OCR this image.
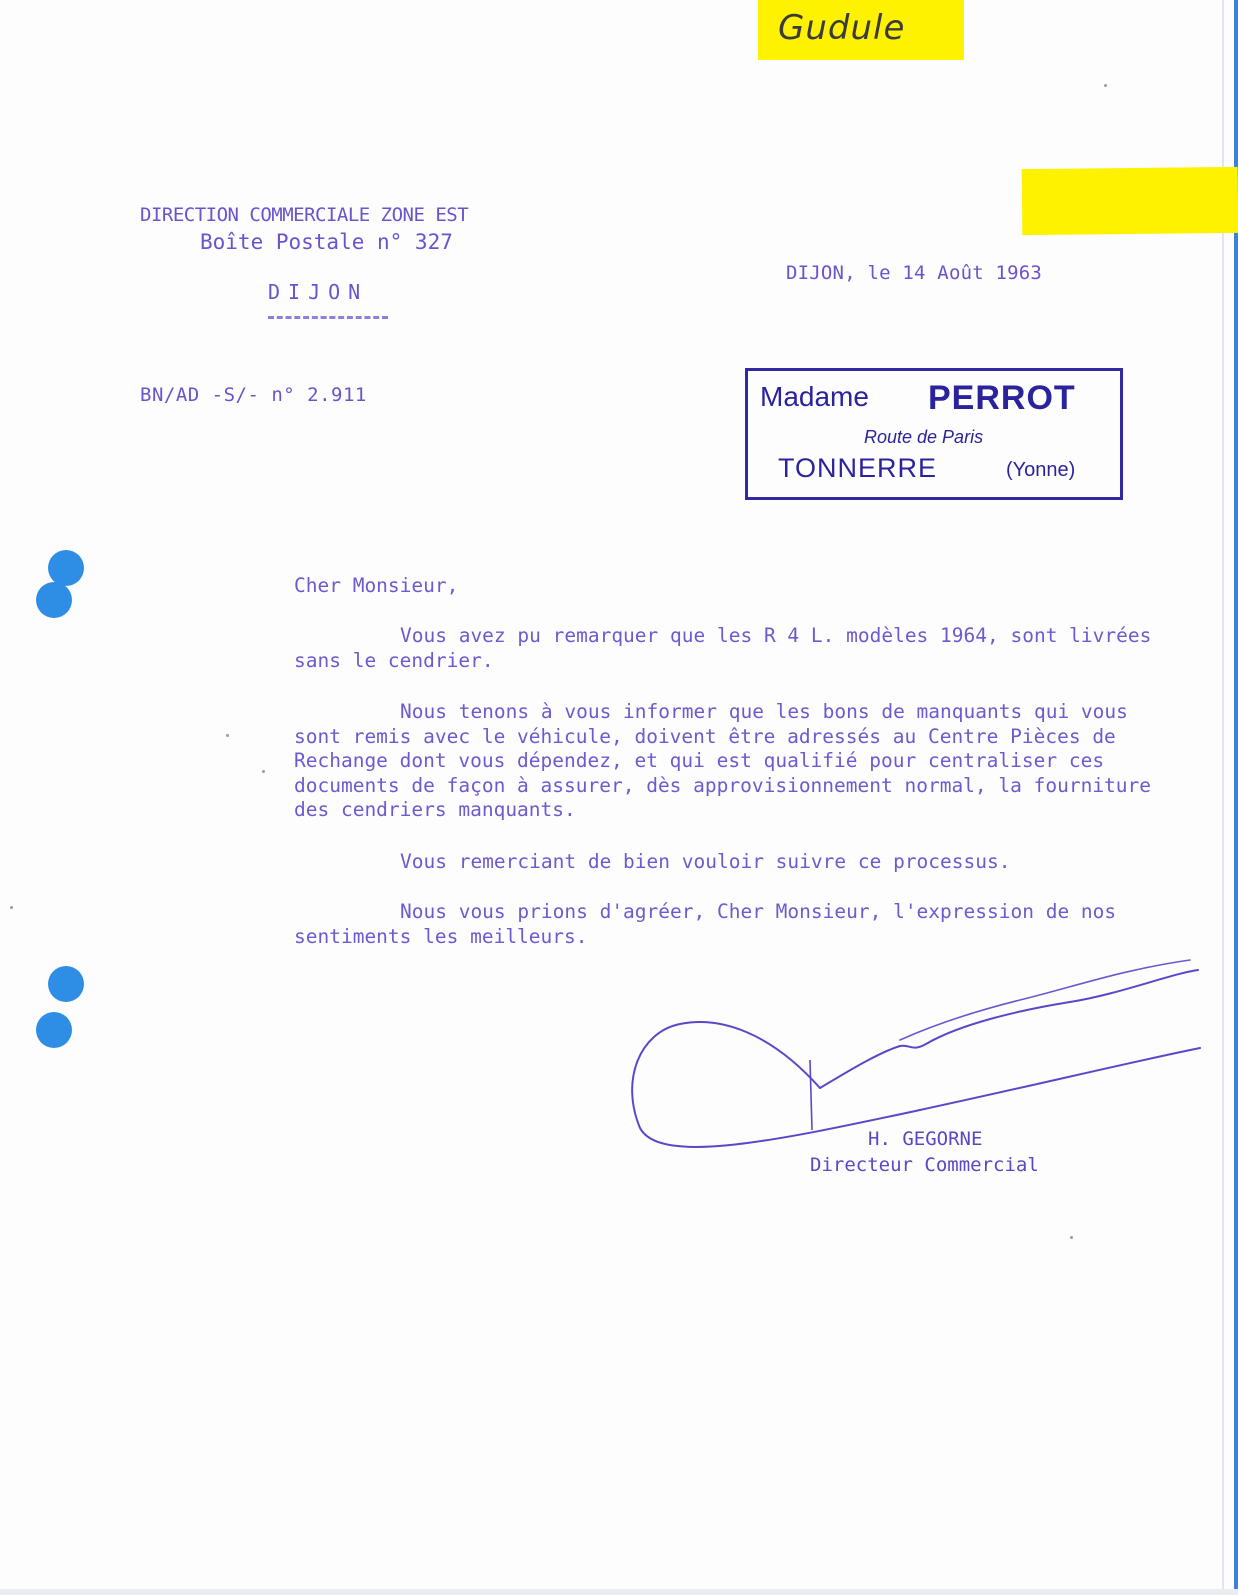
Gudule
DIRECTION COMMERCIALE ZONE EST
Boîte Postale n° 327
DIJON
BN/AD -S/- n° 2.911
DIJON, le 14 Août 1963
Madame PERROT
Route de Paris
TONNERRE	(Yonne)
Cher Monsieur,
Vous avez pu remarquer que les R 4 L. modèles 1964, sont livrées
sans le cendrier.
Nous tenons à vous informer que les bons de manquants qui vous
sont remis avec le véhicule, doivent être adressés au Centre Pièces de
Rechange dont vous dépendez, et qui est qualifié pour centraliser ces
documents de façon à assurer, dès approvisionnement normal, la fourniture
des cendriers manquants.
Vous remerciant de bien vouloir suivre ce processus.
Nous vous prions d'agréer, Cher Monsieur, l'expression de nos
sentiments les meilleurs.
H. GEGORNE
Directeur Commercial
